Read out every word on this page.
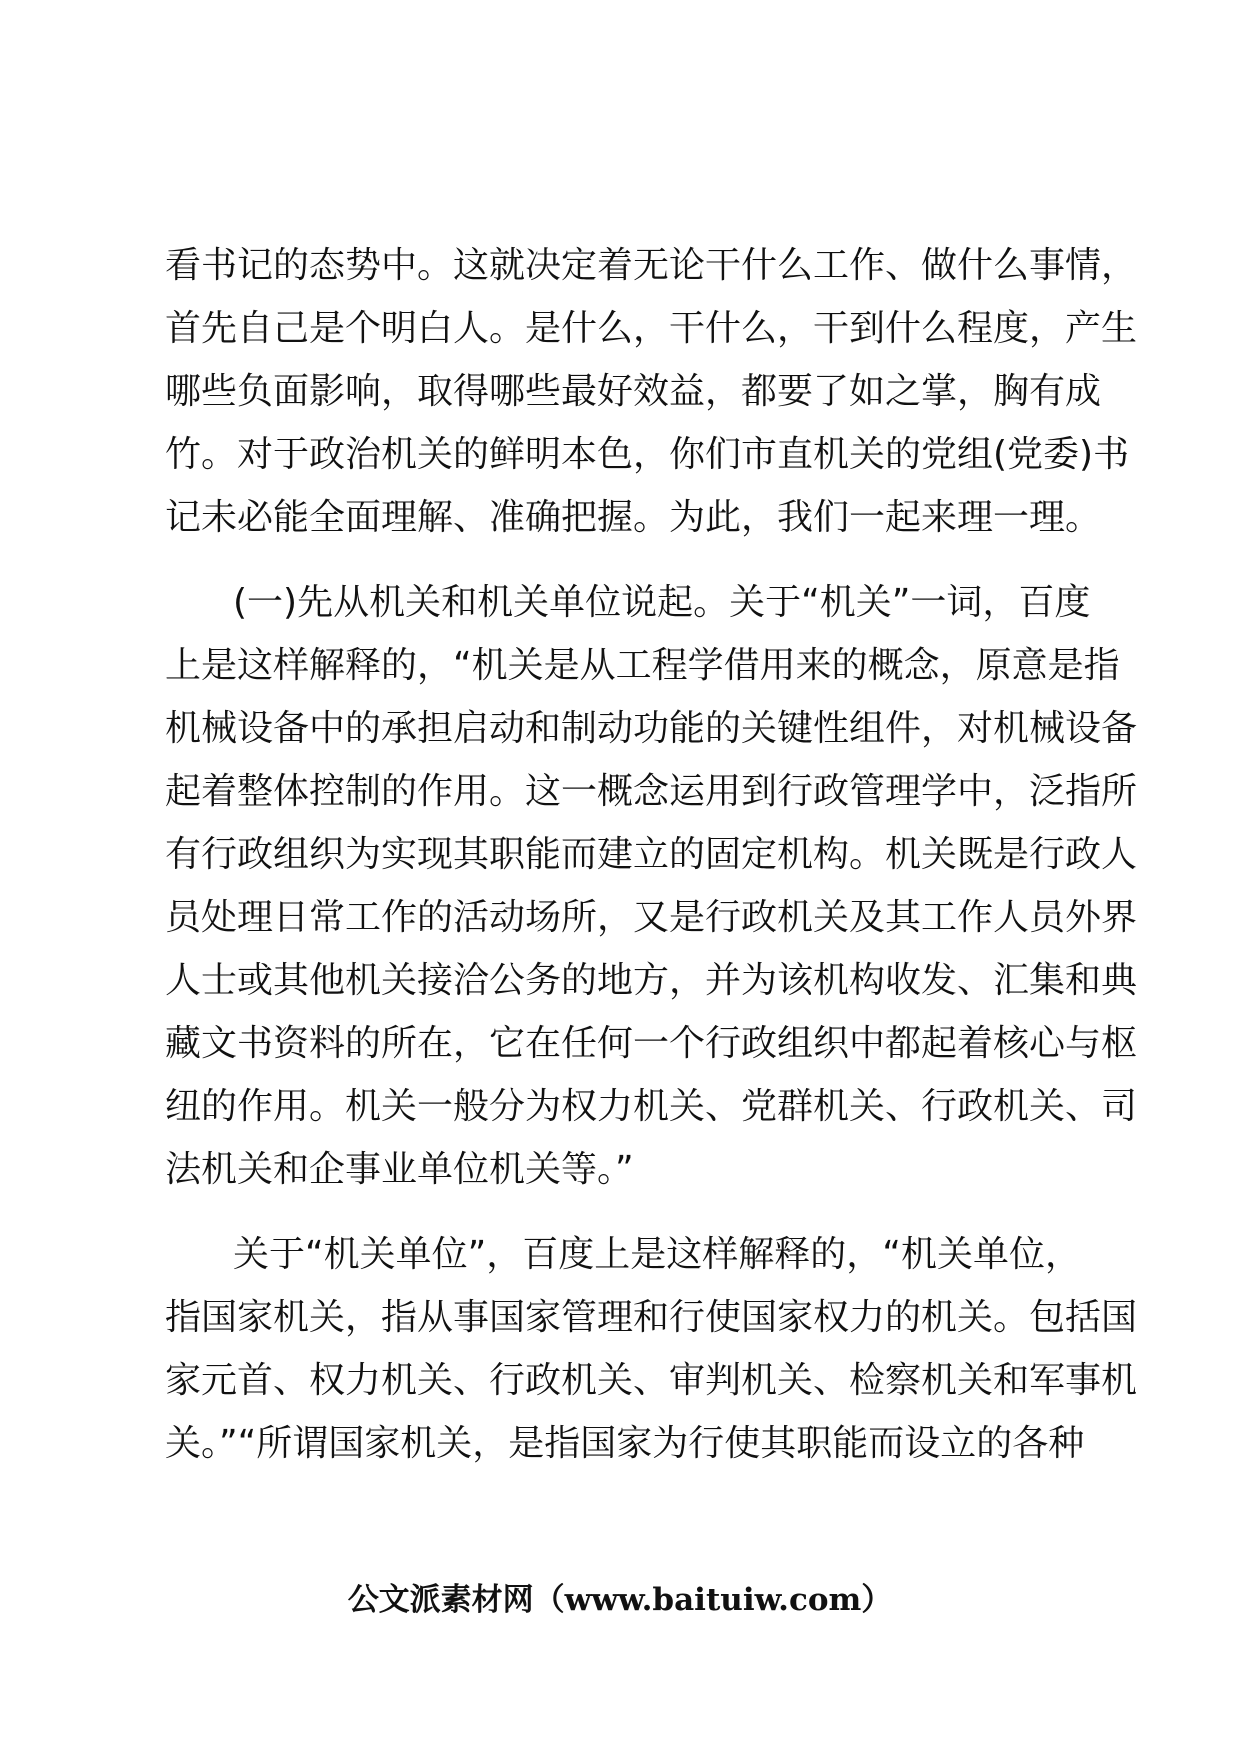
看书记的态势中。这就决定着无论干什么工作、做什么事情，
首先自己是个明白人。是什么，干什么，干到什么程度，产生
哪些负面影响，取得哪些最好效益，都要了如之掌，胸有成
竹。对于政治机关的鲜明本色，你们市直机关的党组(党委)书
记未必能全面理解、准确把握。为此，我们一起来理一理。
(一)先从机关和机关单位说起。关于“机关”一词，百度
上是这样解释的，“机关是从工程学借用来的概念，原意是指
机械设备中的承担启动和制动功能的关键性组件，对机械设备
起着整体控制的作用。这一概念运用到行政管理学中，泛指所
有行政组织为实现其职能而建立的固定机构。机关既是行政人
员处理日常工作的活动场所，又是行政机关及其工作人员外界
人士或其他机关接洽公务的地方，并为该机构收发、汇集和典
藏文书资料的所在，它在任何一个行政组织中都起着核心与枢
纽的作用。机关一般分为权力机关、党群机关、行政机关、司
法机关和企事业单位机关等。”
关于“机关单位”，百度上是这样解释的，“机关单位，
指国家机关，指从事国家管理和行使国家权力的机关。包括国
家元首、权力机关、行政机关、审判机关、检察机关和军事机
关。”“所谓国家机关，是指国家为行使其职能而设立的各种
公文派素材网（www.baituiw.com）
